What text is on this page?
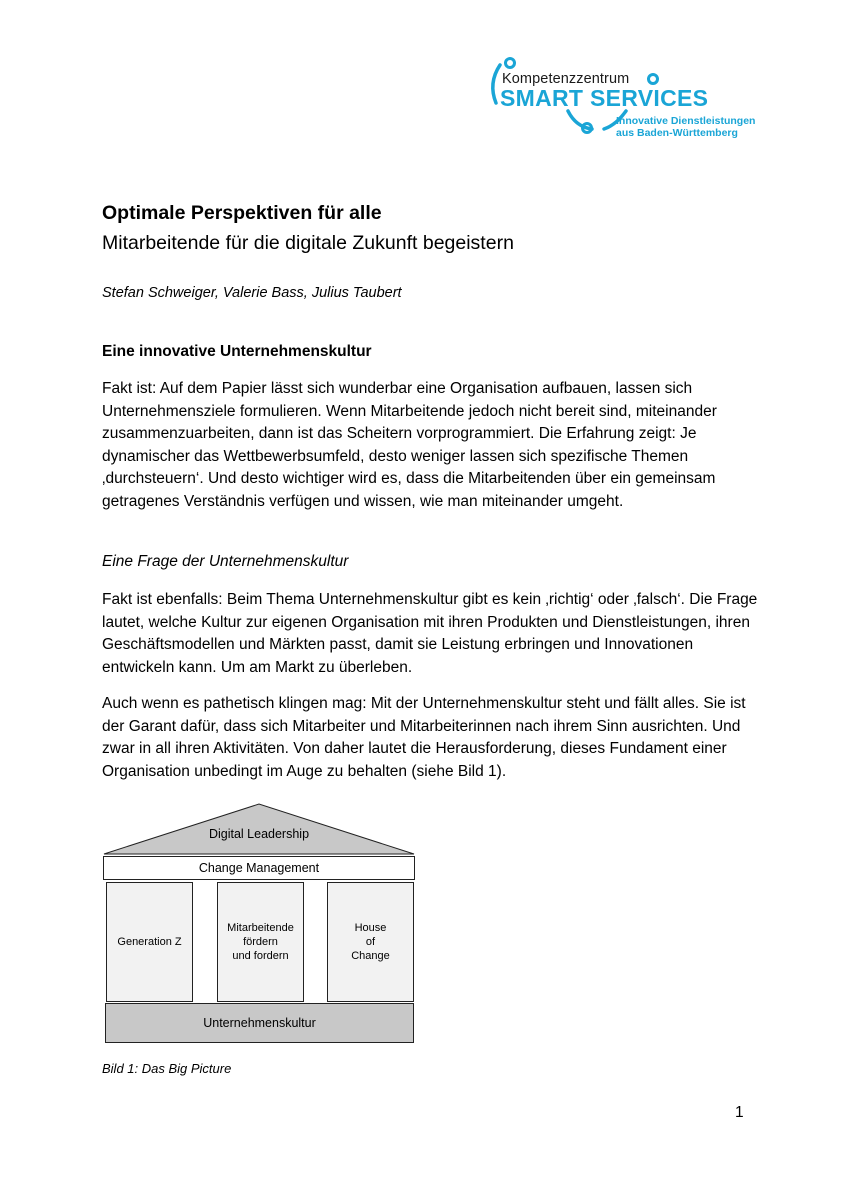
Kompetenzzentrum
SMART SERVICES
Innovative Dienstleistungen
aus Baden-Württemberg
Optimale Perspektiven für alle
Mitarbeitende für die digitale Zukunft begeistern
Stefan Schweiger, Valerie Bass, Julius Taubert
Eine innovative Unternehmenskultur

Fakt ist: Auf dem Papier lässt sich wunderbar eine Organisation aufbauen, lassen sich Unternehmensziele formulieren. Wenn Mitarbeitende jedoch nicht bereit sind, miteinander zusammenzuarbeiten, dann ist das Scheitern vorprogrammiert. Die Erfahrung zeigt: Je dynamischer das Wettbewerbsumfeld, desto weniger lassen sich spezifische Themen ‚durchsteuern‘. Und desto wichtiger wird es, dass die Mitarbeitenden über ein gemeinsam getragenes Verständnis verfügen und wissen, wie man miteinander umgeht.

Eine Frage der Unternehmenskultur

Fakt ist ebenfalls: Beim Thema Unternehmenskultur gibt es kein ‚richtig‘ oder ‚falsch‘. Die Frage lautet, welche Kultur zur eigenen Organisation mit ihren Produkten und Dienstleistungen, ihren Geschäftsmodellen und Märkten passt, damit sie Leistung erbringen und Innovationen entwickeln kann. Um am Markt zu überleben.

Auch wenn es pathetisch klingen mag: Mit der Unternehmenskultur steht und fällt alles. Sie ist der Garant dafür, dass sich Mitarbeiter und Mitarbeiterinnen nach ihrem Sinn ausrichten. Und zwar in all ihren Aktivitäten. Von daher lautet die Herausforderung, dieses Fundament einer Organisation unbedingt im Auge zu behalten (siehe Bild 1).

Digital Leadership
Change Management
Generation Z
Mitarbeitende
fördern
und fordern
House
of
Change
Unternehmenskultur
Bild 1: Das Big Picture
1
